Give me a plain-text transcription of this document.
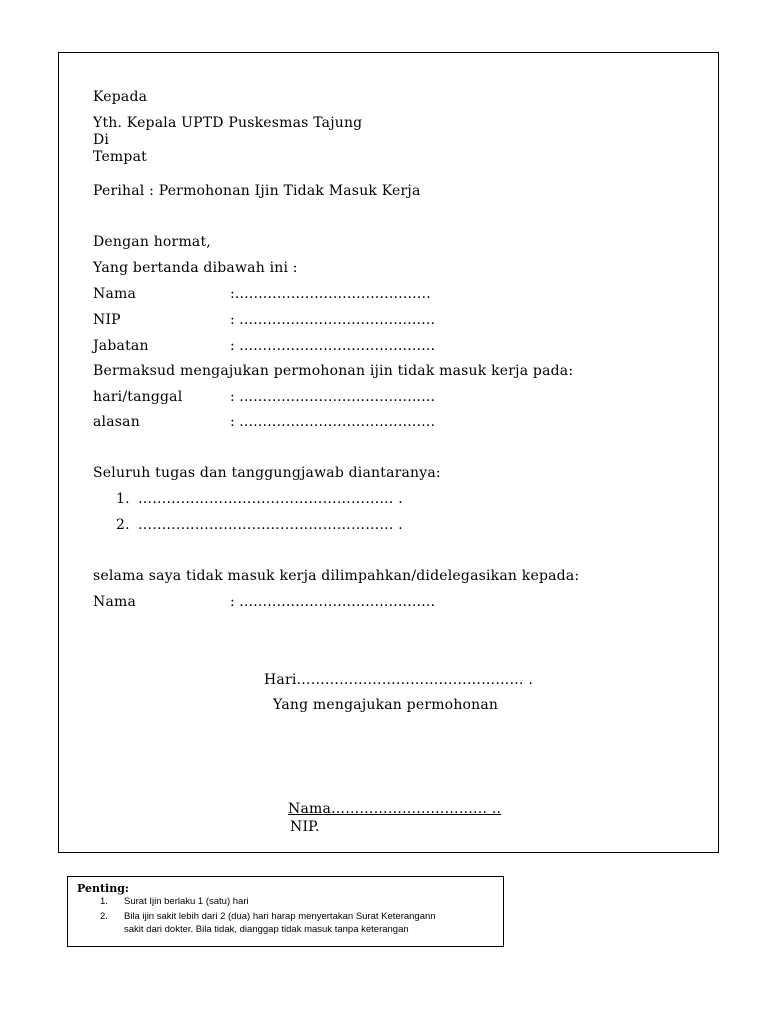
Kepada
Yth. Kepala UPTD Puskesmas Tajung
Di
Tempat
Perihal : Permohonan Ijin Tidak Masuk Kerja
Dengan hormat,
Yang bertanda dibawah ini :
Nama	:……………………………………
NIP	: ……………………………………
Jabatan	: ……………………………………
Bermaksud mengajukan permohonan ijin tidak masuk kerja pada:
hari/tanggal	: ……………………………………
alasan	: ……………………………………
Seluruh tugas dan tanggungjawab diantaranya:
1. ……………………………………………… .
2. ……………………………………………… .
selama saya tidak masuk kerja dilimpahkan/didelegasikan kepada:
Nama	: ……………………………………
Hari………………………………………… .
Yang mengajukan permohonan
Nama…………………………… ..
NIP.
Penting:
1. Surat Ijin berlaku 1 (satu) hari
2. Bila ijin sakit lebih dari 2 (dua) hari harap menyertakan Surat Keterangann
sakit dari dokter. Bila tidak, dianggap tidak masuk tanpa keterangan
